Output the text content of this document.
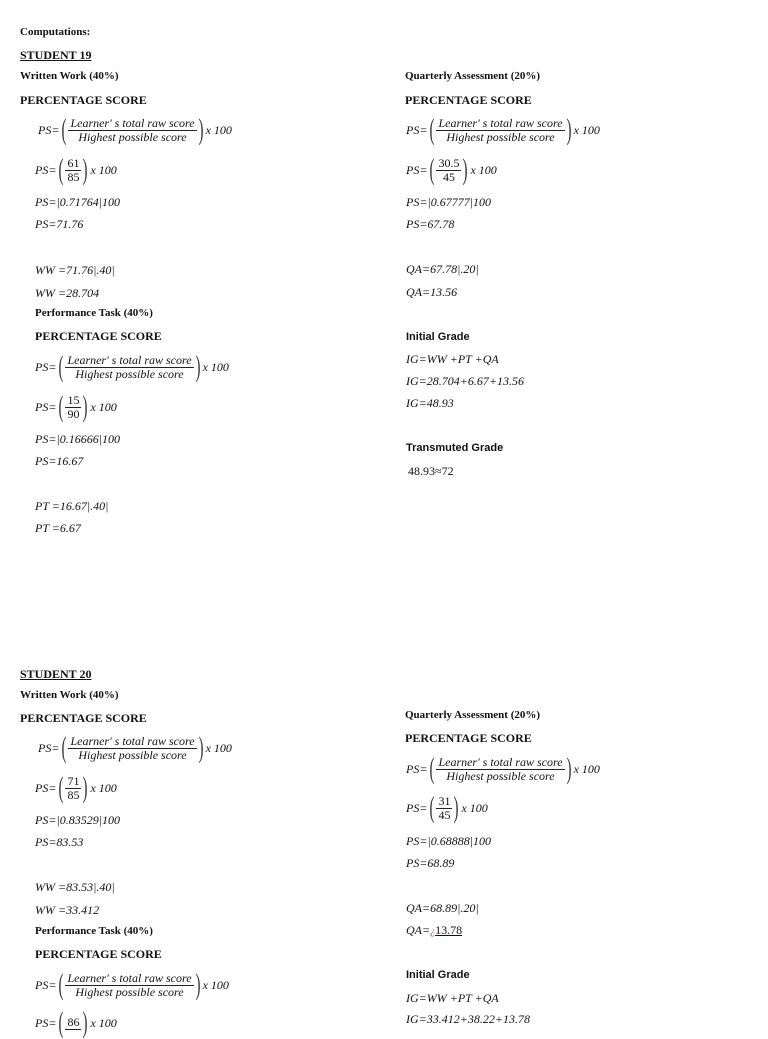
Computations:
STUDENT 19
Written Work (40%)
PERCENTAGE SCORE
PS= ( $\frac{\text{Learner' s total raw score}}{\text{Highest possible score}}$ ) x 100
PS= ( $\frac{61}{85}$ ) x 100
PS=|0.71764|100
PS=71.76
WW =71.76|.40|
WW =28.704
Performance Task (40%)
PERCENTAGE SCORE
PS= ( $\frac{\text{Learner' s total raw score}}{\text{Highest possible score}}$ ) x 100
PS= ( $\frac{15}{90}$ ) x 100
PS=|0.16666|100
PS=16.67
PT =16.67|.40|
PT =6.67
Quarterly Assessment (20%)
PERCENTAGE SCORE
PS= ( $\frac{\text{Learner' s total raw score}}{\text{Highest possible score}}$ ) x 100
PS= ( $\frac{30.5}{45}$ ) x 100
PS=|0.67777|100
PS=67.78
QA=67.78|.20|
QA=13.56
Initial Grade
IG=WW +PT +QA
IG=28.704+6.67+13.56
IG=48.93
Transmuted Grade
48.93≈72
STUDENT 20
Written Work (40%)
PERCENTAGE SCORE
PS= ( $\frac{\text{Learner' s total raw score}}{\text{Highest possible score}}$ ) x 100
PS= ( $\frac{71}{85}$ ) x 100
PS=|0.83529|100
PS=83.53
WW =83.53|.40|
WW =33.412
Performance Task (40%)
PERCENTAGE SCORE
PS= ( $\frac{\text{Learner' s total raw score}}{\text{Highest possible score}}$ ) x 100
PS= ( 86 ) x 100
Quarterly Assessment (20%)
PERCENTAGE SCORE
PS= ( $\frac{\text{Learner' s total raw score}}{\text{Highest possible score}}$ ) x 100
PS= ( $\frac{31}{45}$ ) x 100
PS=|0.68888|100
PS=68.89
QA=68.89|.20|
QA=¿13.78
Initial Grade
IG=WW +PT +QA
IG=33.412+38.22+13.78
